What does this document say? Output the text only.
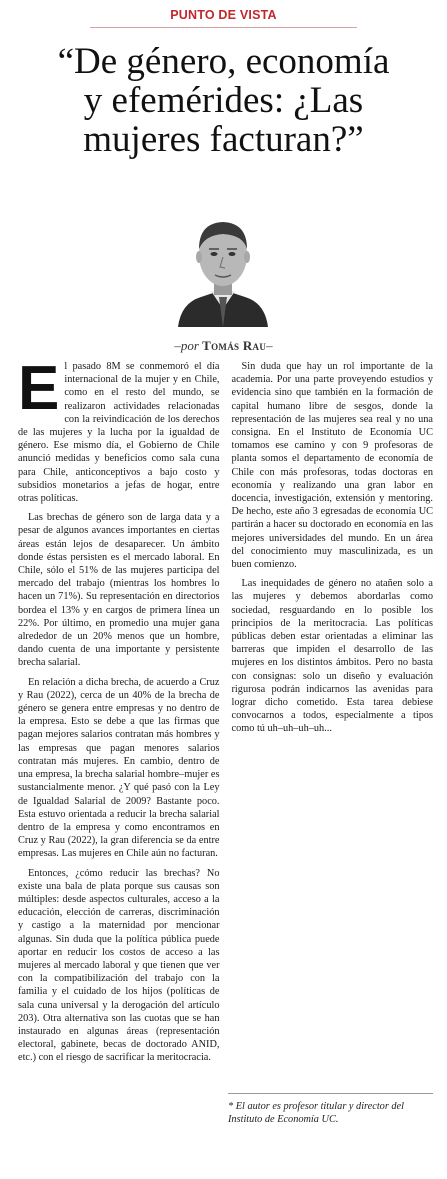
PUNTO DE VISTA
“De género, economía
y efemérides: ¿Las
mujeres facturan?”
–por Tomás Rau–

El pasado 8M se conmemoró el día internacional de la mujer y en Chile, como en el resto del mundo, se realizaron actividades relacionadas con la reivindicación de los derechos de las mujeres y la lucha por la igualdad de género. Ese mismo día, el Gobierno de Chile anunció medidas y beneficios como sala cuna para Chile, anticonceptivos a bajo costo y subsidios monetarios a jefas de hogar, entre otras políticas.

Las brechas de género son de larga data y a pesar de algunos avances importantes en ciertas áreas están lejos de desaparecer. Un ámbito donde éstas persisten es el mercado laboral. En Chile, sólo el 51% de las mujeres participa del mercado del trabajo (mientras los hombres lo hacen un 71%). Su representación en directorios bordea el 13% y en cargos de primera línea un 22%. Por último, en promedio una mujer gana alrededor de un 20% menos que un hombre, dando cuenta de una importante y persistente brecha salarial.

En relación a dicha brecha, de acuerdo a Cruz y Rau (2022), cerca de un 40% de la brecha de género se genera entre empresas y no dentro de la empresa. Esto se debe a que las firmas que pagan mejores salarios contratan más hombres y las empresas que pagan menores salarios contratan más mujeres. En cambio, dentro de una empresa, la brecha salarial hombre–mujer es sustancialmente menor. ¿Y qué pasó con la Ley de Igualdad Salarial de 2009? Bastante poco. Esta estuvo orientada a reducir la brecha salarial dentro de la empresa y como encontramos en Cruz y Rau (2022), la gran diferencia se da entre empresas. Las mujeres en Chile aún no facturan.

Entonces, ¿cómo reducir las brechas? No existe una bala de plata porque sus causas son múltiples: desde aspectos culturales, acceso a la educación, elección de carreras, discriminación y castigo a la maternidad por mencionar algunas. Sin duda que la política pública puede aportar en reducir los costos de acceso a las mujeres al mercado laboral y que tienen que ver con la compatibilización del trabajo con la familia y el cuidado de los hijos (políticas de sala cuna universal y la derogación del artículo 203). Otra alternativa son las cuotas que se han instaurado en algunas áreas (representación electoral, gabinete, becas de doctorado ANID, etc.) con el riesgo de sacrificar la meritocracia.

Sin duda que hay un rol importante de la academia. Por una parte proveyendo estudios y evidencia sino que también en la formación de capital humano libre de sesgos, donde la representación de las mujeres sea real y no una consigna. En el Instituto de Economía UC tomamos ese camino y con 9 profesoras de planta somos el departamento de economía de Chile con más profesoras, todas doctoras en economía y realizando una gran labor en docencia, investigación, extensión y mentoring. De hecho, este año 3 egresadas de economía UC partirán a hacer su doctorado en economía en las mejores universidades del mundo. En un área del conocimiento muy masculinizada, es un buen comienzo.

Las inequidades de género no atañen solo a las mujeres y debemos abordarlas como sociedad, resguardando en lo posible los principios de la meritocracia. Las políticas públicas deben estar orientadas a eliminar las barreras que impiden el desarrollo de las mujeres en los distintos ámbitos. Pero no basta con consignas: solo un diseño y evaluación rigurosa podrán indicarnos las avenidas para lograr dicho cometido. Esta tarea debiese convocarnos a todos, especialmente a tipos como tú uh–uh–uh–uh...

* El autor es profesor titular y director del Instituto de Economía UC.
